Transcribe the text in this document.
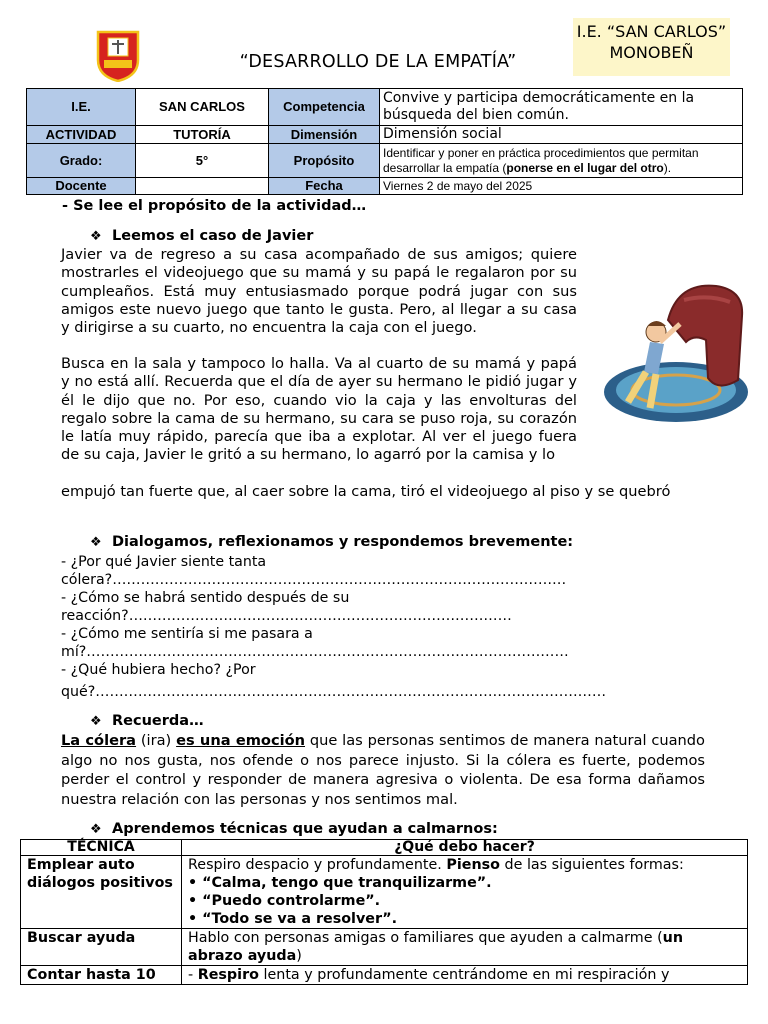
“DESARROLLO DE LA EMPATÍA”
I.E. “SAN CARLOS” MONOBEÑ
I.E.	SAN CARLOS	Competencia	Convive y participa democráticamente en la búsqueda del bien común.
ACTIVIDAD	TUTORÍA	Dimensión	Dimensión social
Grado:	5°	Propósito	Identificar y poner en práctica procedimientos que permitan desarrollar la empatía (ponerse en el lugar del otro).
Docente		Fecha	Viernes 2 de mayo del 2025
- Se lee el propósito de la actividad…
❖ Leemos el caso de Javier
Javier va de regreso a su casa acompañado de sus amigos; quiere mostrarles el videojuego que su mamá y su papá le regalaron por su cumpleaños. Está muy entusiasmado porque podrá jugar con sus amigos este nuevo juego que tanto le gusta. Pero, al llegar a su casa y dirigirse a su cuarto, no encuentra la caja con el juego.
Busca en la sala y tampoco lo halla. Va al cuarto de su mamá y papá y no está allí. Recuerda que el día de ayer su hermano le pidió jugar y él le dijo que no. Por eso, cuando vio la caja y las envolturas del regalo sobre la cama de su hermano, su cara se puso roja, su corazón le latía muy rápido, parecía que iba a explotar. Al ver el juego fuera de su caja, Javier le gritó a su hermano, lo agarró por la camisa y lo
empujó tan fuerte que, al caer sobre la cama, tiró el videojuego al piso y se quebró
❖ Dialogamos, reflexionamos y respondemos brevemente:
- ¿Por qué Javier siente tanta
cólera?……………………………………………………………………………………
- ¿Cómo se habrá sentido después de su
reacción?………………………………………………………………………
- ¿Cómo me sentiría si me pasara a
mí?…………………………………………………………………………………………
- ¿Qué hubiera hecho? ¿Por
qué?………………………………………………………………………………………………
❖ Recuerda…
La cólera (ira) es una emoción que las personas sentimos de manera natural cuando algo no nos gusta, nos ofende o nos parece injusto. Si la cólera es fuerte, podemos perder el control y responder de manera agresiva o violenta. De esa forma dañamos nuestra relación con las personas y nos sentimos mal.
❖ Aprendemos técnicas que ayudan a calmarnos:
TÉCNICA	¿Qué debo hacer?
Emplear auto diálogos positivos	Respiro despacio y profundamente. Pienso de las siguientes formas:
• “Calma, tengo que tranquilizarme”.
• “Puedo controlarme”.
• “Todo se va a resolver”.
Buscar ayuda	Hablo con personas amigas o familiares que ayuden a calmarme (un abrazo ayuda)
Contar hasta 10	- Respiro lenta y profundamente centrándome en mi respiración y
